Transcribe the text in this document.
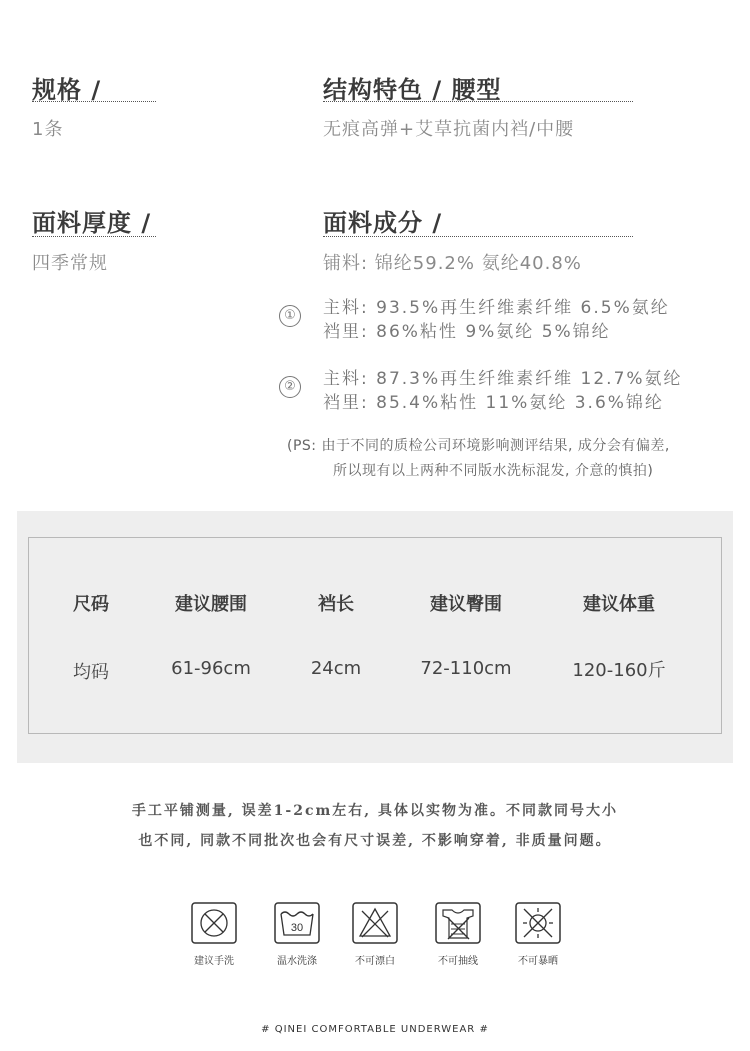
规格 /
1条
结构特色 / 腰型
无痕高弹+艾草抗菌内裆/中腰
面料厚度 /
四季常规
面料成分 /
铺料: 锦纶59.2% 氨纶40.8%
①	主料: 93.5%再生纤维素纤维 6.5%氨纶
裆里: 86%粘性 9%氨纶 5%锦纶
②	主料: 87.3%再生纤维素纤维 12.7%氨纶
裆里: 85.4%粘性 11%氨纶 3.6%锦纶
(PS: 由于不同的质检公司环境影响测评结果, 成分会有偏差,
所以现有以上两种不同版水洗标混发, 介意的慎拍)
尺码	建议腰围	裆长	建议臀围	建议体重
均码	61-96cm	24cm	72-110cm	120-160斤
手工平铺测量, 误差1-2cm左右, 具体以实物为准。不同款同号大小
也不同, 同款不同批次也会有尺寸误差, 不影响穿着, 非质量问题。
建议手洗
30
温水洗涤	不可漂白	不可抽线	不可暴晒
# QINEI COMFORTABLE UNDERWEAR #
